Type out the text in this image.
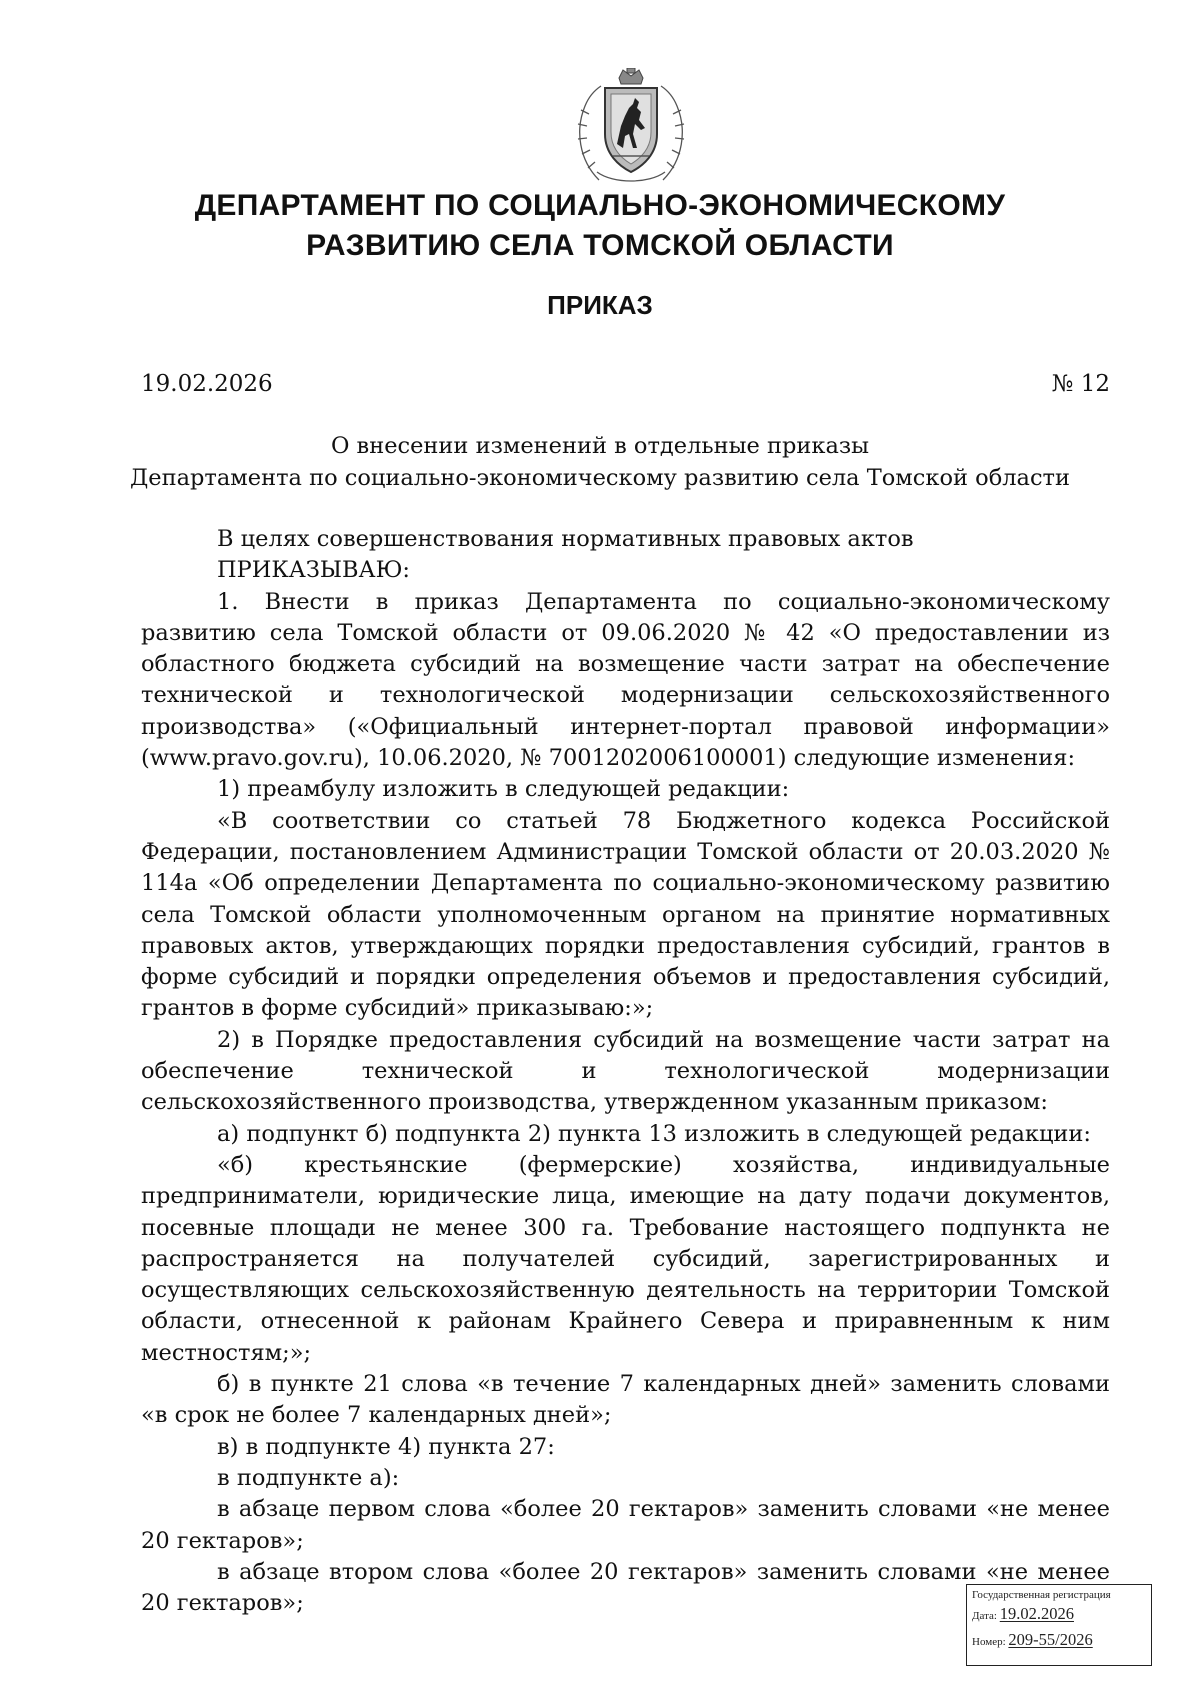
ДЕПАРТАМЕНТ ПО СОЦИАЛЬНО-ЭКОНОМИЧЕСКОМУ
РАЗВИТИЮ СЕЛА ТОМСКОЙ ОБЛАСТИ
ПРИКАЗ
19.02.2026	№ 12
О внесении изменений в отдельные приказы
Департамента по социально-экономическому развитию села Томской области

В целях совершенствования нормативных правовых актов

ПРИКАЗЫВАЮ:

1. Внести в приказ Департамента по социально-экономическому развитию села Томской области от 09.06.2020 № 42 «О предоставлении из областного бюджета субсидий на возмещение части затрат на обеспечение технической и технологической модернизации сельскохозяйственного производства» («Официальный интернет-портал правовой информации» (www.pravo.gov.ru), 10.06.2020, № 7001202006100001) следующие изменения:

1) преамбулу изложить в следующей редакции:

«В соответствии со статьей 78 Бюджетного кодекса Российской Федерации, постановлением Администрации Томской области от 20.03.2020 № 114а «Об определении Департамента по социально-экономическому развитию села Томской области уполномоченным органом на принятие нормативных правовых актов, утверждающих порядки предоставления субсидий, грантов в форме субсидий и порядки определения объемов и предоставления субсидий, грантов в форме субсидий» приказываю:»;

2) в Порядке предоставления субсидий на возмещение части затрат на обеспечение технической и технологической модернизации сельскохозяйственного производства, утвержденном указанным приказом:

а) подпункт б) подпункта 2) пункта 13 изложить в следующей редакции:

«б) крестьянские (фермерские) хозяйства, индивидуальные предприниматели, юридические лица, имеющие на дату подачи документов, посевные площади не менее 300 га. Требование настоящего подпункта не распространяется на получателей субсидий, зарегистрированных и осуществляющих сельскохозяйственную деятельность на территории Томской области, отнесенной к районам Крайнего Севера и приравненным к ним местностям;»;

б) в пункте 21 слова «в течение 7 календарных дней» заменить словами «в срок не более 7 календарных дней»;

в) в подпункте 4) пункта 27:

в подпункте а):

в абзаце первом слова «более 20 гектаров» заменить словами «не менее 20 гектаров»;

в абзаце втором слова «более 20 гектаров» заменить словами «не менее 20 гектаров»;	Государственная регистрация
Дата: 19.02.2026
Номер: 209-55/2026
